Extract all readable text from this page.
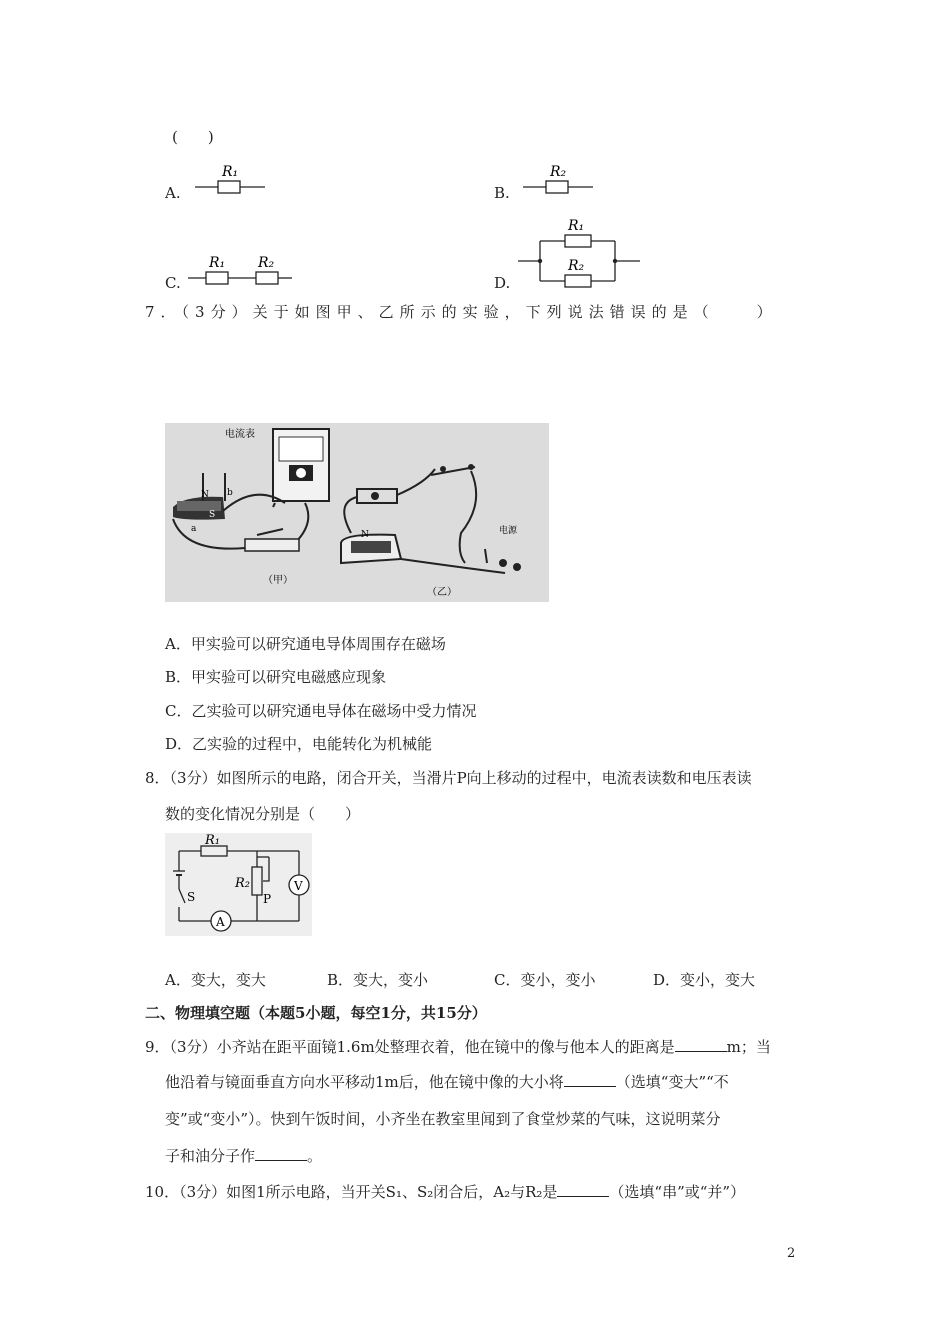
(　　)
A.
R₁
B.
R₂
C.
R₁ R₂
D.
R₁
R₂
7．（3分）关于如图甲、乙所示的实验，下列说法错误的是（　　）
电流表
N
S
a
b
（甲）
N	电源
（乙）
A．甲实验可以研究通电导体周围存在磁场
B．甲实验可以研究电磁感应现象
C．乙实验可以研究通电导体在磁场中受力情况
D．乙实验的过程中，电能转化为机械能
8．（3分）如图所示的电路，闭合开关，当滑片P向上移动的过程中，电流表读数和电压表读
数的变化情况分别是（　　）
R₁
S
A
R₂
P
V
A．变大，变大	B．变大，变小	C．变小，变小	D．变小，变大
二、物理填空题（本题5小题，每空1分，共15分）
9．（3分）小齐站在距平面镜1.6m处整理衣着，他在镜中的像与他本人的距离是	m；当
他沿着与镜面垂直方向水平移动1m后，他在镜中像的大小将	（选填“变大”“不
变”或“变小”）。快到午饭时间，小齐坐在教室里闻到了食堂炒菜的气味，这说明菜分
子和油分子作	。
10．（3分）如图1所示电路，当开关S₁、S₂闭合后，A₂与R₂是	（选填“串”或“并”）
2
